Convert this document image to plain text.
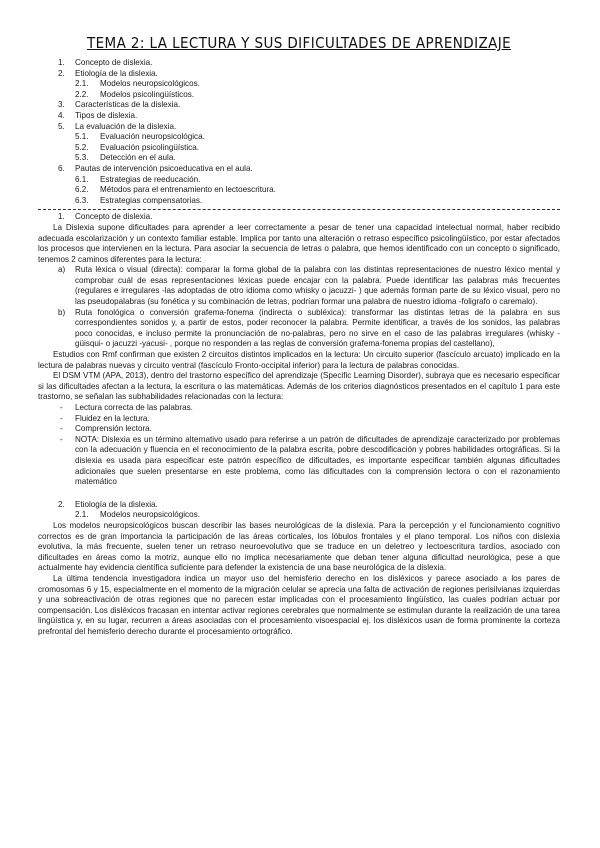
TEMA 2: LA LECTURA Y SUS DIFICULTADES DE APRENDIZAJE
1.	Concepto de dislexia.
2.	Etiología de la dislexia.
2.1.	Modelos neuropsicológicos.
2.2.	Modelos psicolingüísticos.
3.	Características de la dislexia.
4.	Tipos de dislexia.
5.	La evaluación de la dislexia.
5.1.	Evaluación neuropsicológica.
5.2.	Evaluación psicolingüística.
5.3.	Detección en el aula.
6.	Pautas de intervención psicoeducativa en el aula.
6.1.	Estrategias de reeducación.
6.2.	Métodos para el entrenamiento en lectoescritura.
6.3.	Estrategias compensatorias.
1.	Concepto de dislexia.

La Dislexia supone dificultades para aprender a leer correctamente a pesar de tener una capacidad intelectual normal, haber recibido adecuada escolarización y un contexto familiar estable. Implica por tanto una alteración o retraso específico psicolingüístico, por estar afectados los procesos que intervienen en la lectura. Para asociar la secuencia de letras o palabra, que hemos identificado con un concepto o significado, tenemos 2 caminos diferentes para la lectura:

a)	Ruta léxica o visual (directa): comparar la forma global de la palabra con las distintas representaciones de nuestro léxico mental y comprobar cuál de esas representaciones léxicas puede encajar con la palabra. Puede identificar las palabras más frecuentes (regulares e irregulares -las adoptadas de otro idioma como whisky o jacuzzi- ) que además forman parte de su léxico visual, pero no las pseudopalabras (su fonética y su combinación de letras, podrían formar una palabra de nuestro idioma -foligrafo o caremalo).
b)	Ruta fonológica o conversión grafema-fonema (indirecta o subléxica): transformar las distintas letras de la palabra en sus correspondientes sonidos y, a partir de estos, poder reconocer la palabra. Permite identificar, a través de los sonidos, las palabras poco conocidas, e incluso permite la pronunciación de no-palabras, pero no sirve en el caso de las palabras irregulares (whisky -güisqui- o jacuzzi -yacusi- , porque no responden a las reglas de conversión grafema-fonema propias del castellano),

Estudios con Rmf confirman que existen 2 circuitos distintos implicados en la lectura: Un circuito superior (fascículo arcuato) implicado en la lectura de palabras nuevas y circuito ventral (fascículo Fronto-occipital inferior) para la lectura de palabras conocidas.

El DSM VTM (APA, 2013), dentro del trastorno específico del aprendizaje (Specific Learning Disorder), subraya que es necesario especificar si las dificultades afectan a la lectura, la escritura o las matemáticas. Además de los criterios diagnósticos presentados en el capítulo 1 para este trastorno, se señalan las subhabilidades relacionadas con la lectura:

-	Lectura correcta de las palabras.
-	Fluidez en la lectura.
-	Comprensión lectora.
-	NOTA: Dislexia es un término alternativo usado para referirse a un patrón de dificultades de aprendizaje caracterizado por problemas con la adecuación y fluencia en el reconocimiento de la palabra escrita, pobre descodificación y pobres habilidades ortográficas. Si la dislexia es usada para especificar este patrón específico de dificultades, es importante especificar también algunas dificultades adicionales que suelen presentarse en este problema, como las dificultades con la comprensión lectora o con el razonamiento matemático
2.	Etiología de la dislexia.
2.1.	Modelos neuropsicológicos.

Los modelos neuropsicológicos buscan describir las bases neurológicas de la dislexia. Para la percepción y el funcionamiento cognitivo correctos es de gran importancia la participación de las áreas corticales, los lóbulos frontales y el plano temporal. Los niños con dislexia evolutiva, la más frecuente, suelen tener un retraso neuroevolutivo que se traduce en un deletreo y lectoescritura tardíos, asociado con dificultades en áreas como la motriz, aunque ello no implica necesariamente que deban tener alguna dificultad neurológica, pese a que actualmente hay evidencia científica suficiente para defender la existencia de una base neurológica de la dislexia.

La última tendencia investigadora indica un mayor uso del hemisferio derecho en los disléxicos y parece asociado a los pares de cromosomas 6 y 15, especialmente en el momento de la migración celular se aprecia una falta de activación de regiones perisilvianas izquierdas y una sobreactivación de otras regiones que no parecen estar implicadas con el procesamiento lingüístico, las cuales podrían actuar por compensación. Los disléxicos fracasan en intentar activar regiones cerebrales que normalmente se estimulan durante la realización de una tarea lingüística y, en su lugar, recurren a áreas asociadas con el procesamiento visoespacial ej. los disléxicos usan de forma prominente la corteza prefrontal del hemisferio derecho durante el procesamiento ortográfico.
